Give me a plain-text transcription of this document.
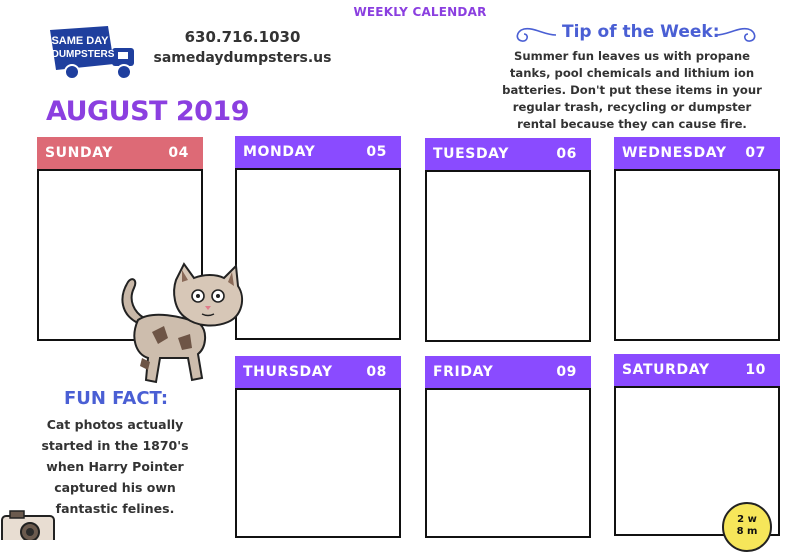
WEEKLY CALENDAR
SAME DAY
DUMPSTERS
630.716.1030
samedaydumpsters.us
AUGUST 2019
Tip of the Week:
Summer fun leaves us with propane
tanks, pool chemicals and lithium ion
batteries. Don't put these items in your
regular trash, recycling or dumpster
rental because they can cause fire.
SUNDAY	04	MONDAY	05	TUESDAY	06	WEDNESDAY 07
THURSDAY 08	FRIDAY	09	SATURDAY	10
FUN FACT:
Cat photos actually
started in the 1870's
when Harry Pointer
captured his own
fantastic felines.
2 w
8 m
